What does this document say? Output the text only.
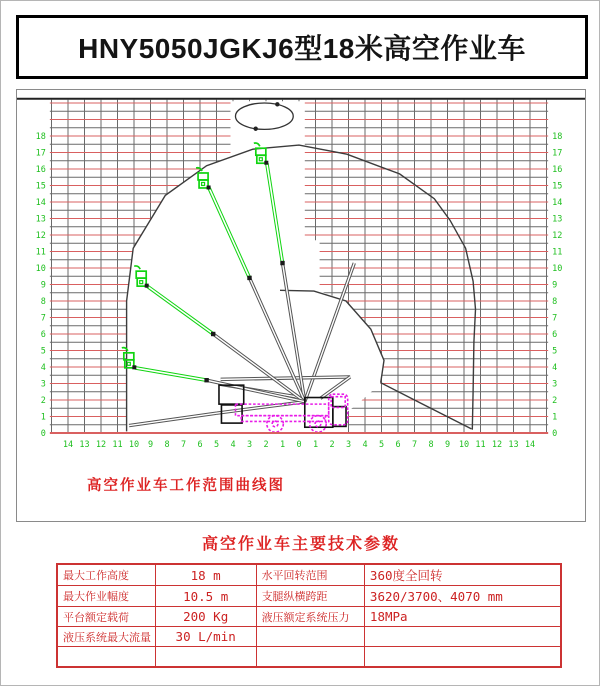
HNY5050JGKJ6型18米高空作业车
0	0
1	1
2	2
3	3
4	4
5	5
6	6
7	7
8	8
9	9
10	10
11	11
12	12
13	13
14	14
15	15
16	16
17	17
18	18
14 13 12 11 10 9 8 7 6 5 4 3 2 1 0 1 2 3 4 5 6 7 8 9 10 11 12 13 14
高空作业车工作范围曲线图
高空作业车主要技术参数
最大工作高度	18 m	水平回转范围	360度全回转
最大作业幅度	10.5 m	支腿纵横跨距	3620/3700、4070 mm
平台额定载荷	200 Kg	液压额定系统压力	18MPa
液压系统最大流量	30 L/min		
